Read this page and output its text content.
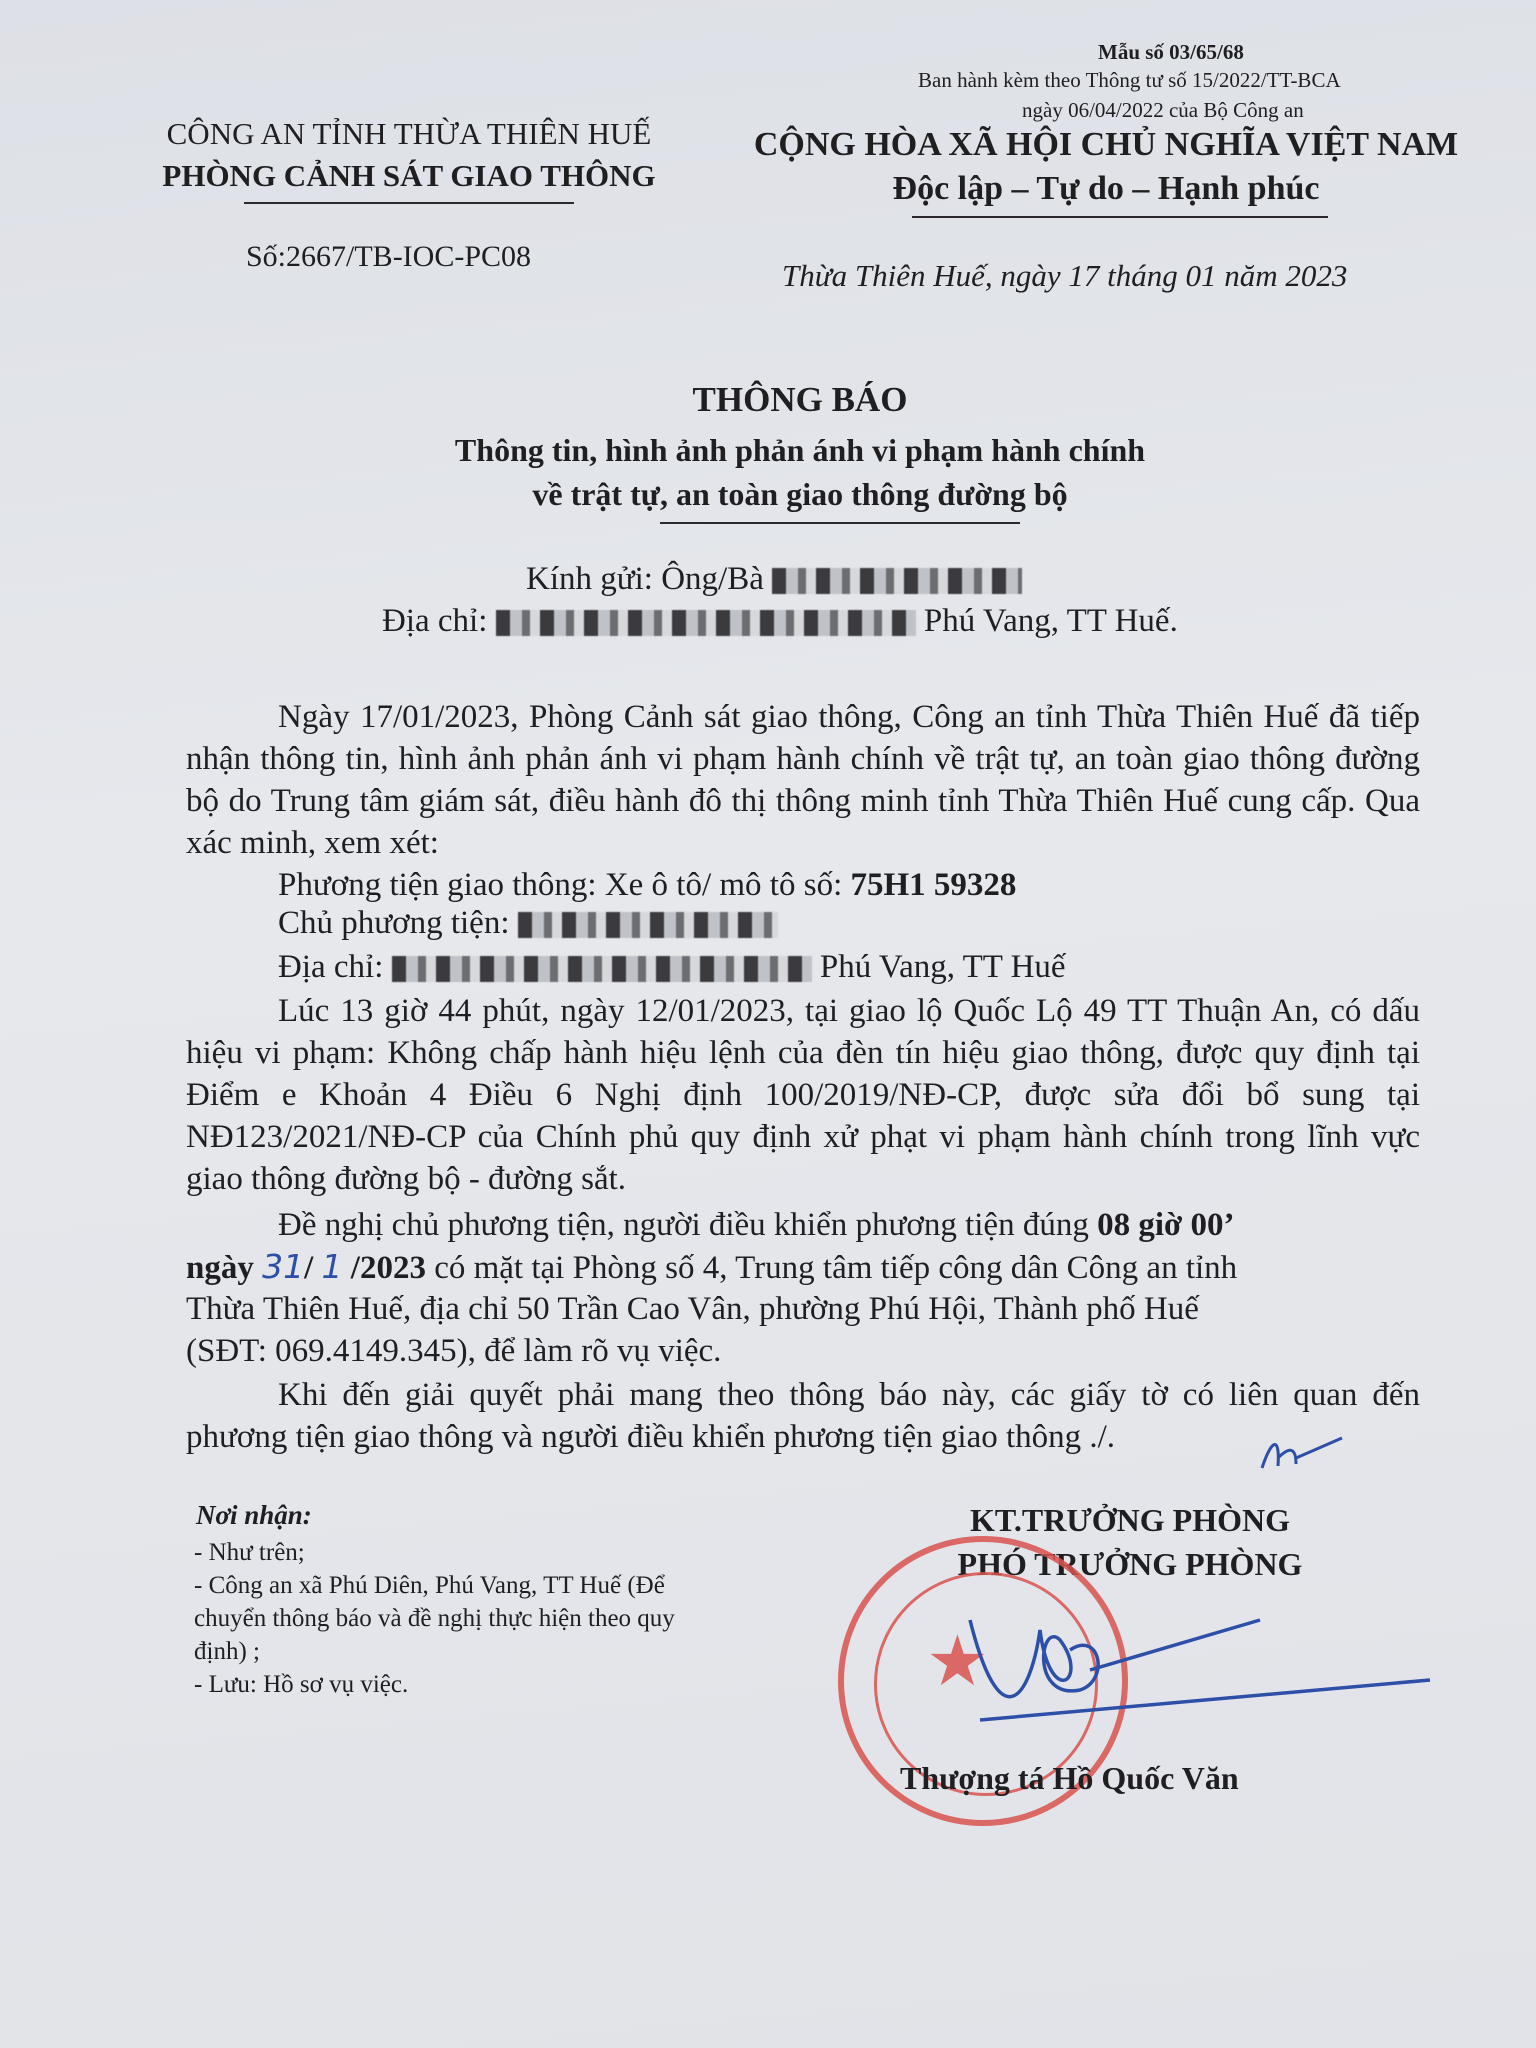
Mẫu số 03/65/68
Ban hành kèm theo Thông tư số 15/2022/TT-BCA
ngày 06/04/2022 của Bộ Công an
CÔNG AN TỈNH THỪA THIÊN HUẾ
PHÒNG CẢNH SÁT GIAO THÔNG
Số:2667/TB-IOC-PC08
CỘNG HÒA XÃ HỘI CHỦ NGHĨA VIỆT NAM
Độc lập – Tự do – Hạnh phúc
Thừa Thiên Huế, ngày 17 tháng 01 năm 2023
THÔNG BÁO
Thông tin, hình ảnh phản ánh vi phạm hành chính
về trật tự, an toàn giao thông đường bộ
Kính gửi: Ông/Bà
Địa chỉ:	Phú Vang, TT Huế.
Ngày 17/01/2023, Phòng Cảnh sát giao thông, Công an tỉnh Thừa Thiên Huế đã tiếp nhận thông tin, hình ảnh phản ánh vi phạm hành chính về trật tự, an toàn giao thông đường bộ do Trung tâm giám sát, điều hành đô thị thông minh tỉnh Thừa Thiên Huế cung cấp. Qua xác minh, xem xét:
Phương tiện giao thông: Xe ô tô/ mô tô số: 75H1 59328
Chủ phương tiện:
Địa chỉ:	Phú Vang, TT Huế
Lúc 13 giờ 44 phút, ngày 12/01/2023, tại giao lộ Quốc Lộ 49 TT Thuận An, có dấu hiệu vi phạm: Không chấp hành hiệu lệnh của đèn tín hiệu giao thông, được quy định tại Điểm e Khoản 4 Điều 6 Nghị định 100/2019/NĐ-CP, được sửa đổi bổ sung tại NĐ123/2021/NĐ-CP của Chính phủ quy định xử phạt vi phạm hành chính trong lĩnh vực giao thông đường bộ - đường sắt.
Đề nghị chủ phương tiện, người điều khiển phương tiện đúng 08 giờ 00’
ngày 31/ 1 /2023 có mặt tại Phòng số 4, Trung tâm tiếp công dân Công an tỉnh
Thừa Thiên Huế, địa chỉ 50 Trần Cao Vân, phường Phú Hội, Thành phố Huế
(SĐT: 069.4149.345), để làm rõ vụ việc.
Khi đến giải quyết phải mang theo thông báo này, các giấy tờ có liên quan đến phương tiện giao thông và người điều khiển phương tiện giao thông ./.
Nơi nhận:
- Như trên;
- Công an xã Phú Diên, Phú Vang, TT Huế (Để
chuyển thông báo và đề nghị thực hiện theo quy
định) ;
- Lưu: Hồ sơ vụ việc.
KT.TRƯỞNG PHÒNG
PHÓ TRƯỞNG PHÒNG
★
Thượng tá Hồ Quốc Văn
